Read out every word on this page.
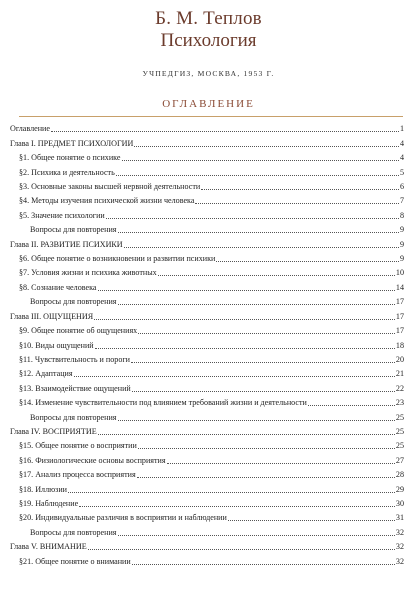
Б. М. Теплов
Психология
УЧПЕДГИЗ, МОСКВА, 1953 Г.
ОГЛАВЛЕНИЕ
Оглавление	1
Глава I. ПРЕДМЕТ ПСИХОЛОГИИ	4
§1. Общее понятие о психике	4
§2. Психика и деятельность	5
§3. Основные законы высшей нервной деятельности	6
§4. Методы изучения психической жизни человека	7
§5. Значение психологии	8
Вопросы для повторения	9
Глава II. РАЗВИТИЕ ПСИХИКИ	9
§6. Общее понятие о возникновении и развитии психики	9
§7. Условия жизни и психика животных	10
§8. Сознание человека	14
Вопросы для повторения	17
Глава III. ОЩУЩЕНИЯ	17
§9. Общее понятие об ощущениях	17
§10. Виды ощущений	18
§11. Чувствительность и пороги	20
§12. Адаптация	21
§13. Взаимодействие ощущений	22
§14. Изменение чувствительности под влиянием требований жизни и деятельности	23
Вопросы для повторения	25
Глава IV. ВОСПРИЯТИЕ	25
§15. Общее понятие о восприятии	25
§16. Физиологические основы восприятия	27
§17. Анализ процесса восприятия	28
§18. Иллюзии	29
§19. Наблюдение	30
§20. Индивидуальные различия в восприятии и наблюдении	31
Вопросы для повторения	32
Глава V. ВНИМАНИЕ	32
§21. Общее понятие о внимании	32
